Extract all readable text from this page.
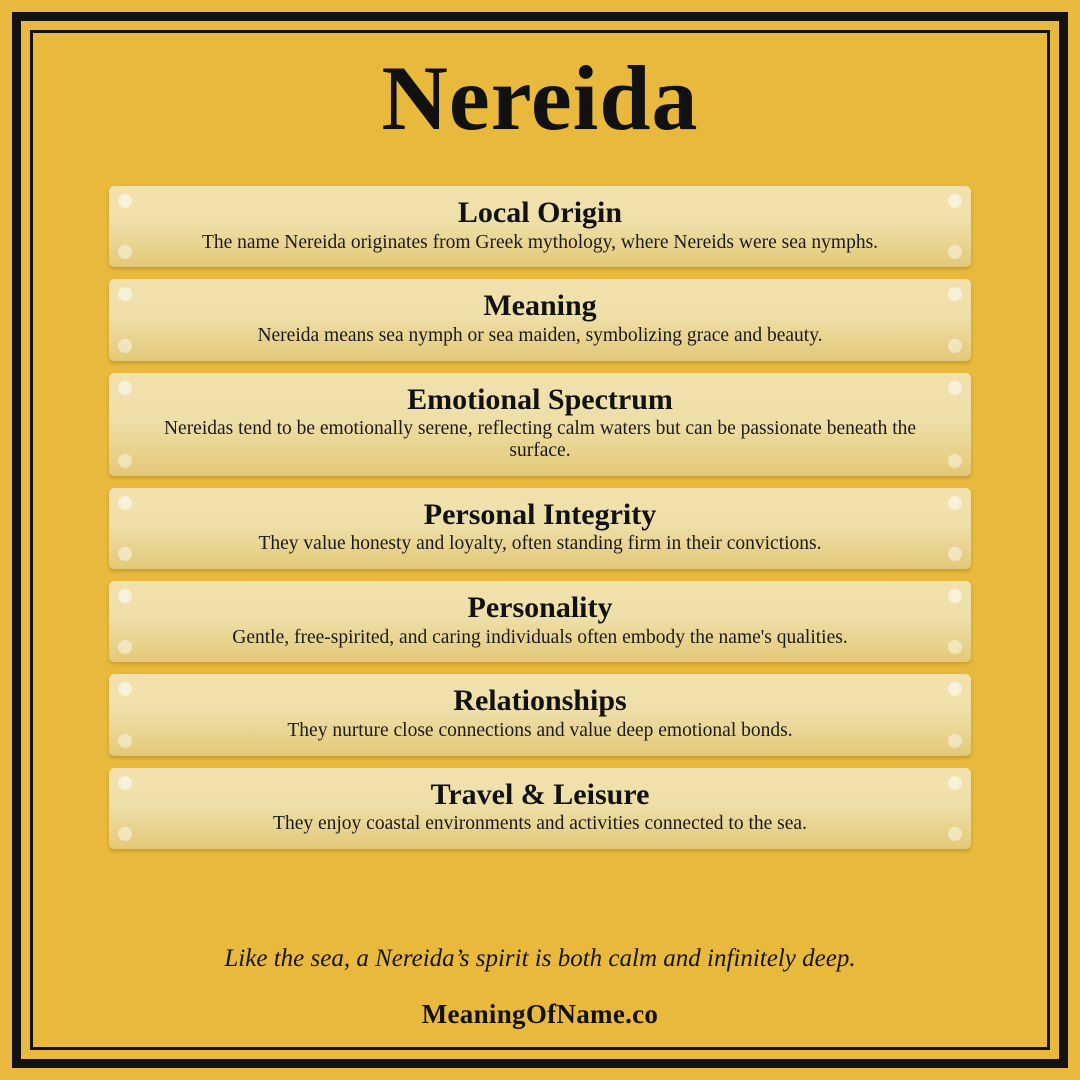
Nereida
Local Origin
The name Nereida originates from Greek mythology, where Nereids were sea nymphs.
Meaning
Nereida means sea nymph or sea maiden, symbolizing grace and beauty.
Emotional Spectrum
Nereidas tend to be emotionally serene, reflecting calm waters but can be passionate beneath the surface.
Personal Integrity
They value honesty and loyalty, often standing firm in their convictions.
Personality
Gentle, free-spirited, and caring individuals often embody the name's qualities.
Relationships
They nurture close connections and value deep emotional bonds.
Travel & Leisure
They enjoy coastal environments and activities connected to the sea.
Like the sea, a Nereida’s spirit is both calm and infinitely deep.
MeaningOfName.co
